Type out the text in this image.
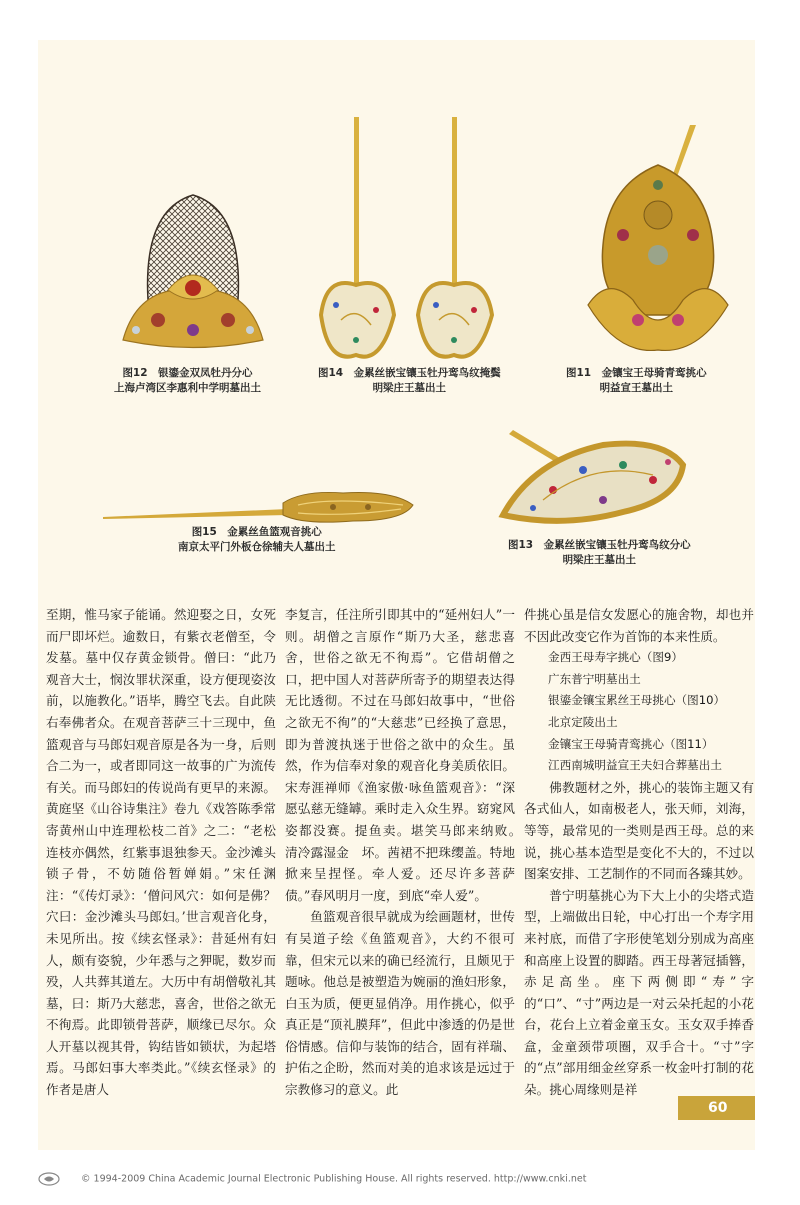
图12　银鎏金双凤牡丹分心
上海卢湾区李惠利中学明墓出土
图14　金累丝嵌宝镶玉牡丹鸾鸟纹掩鬓
明梁庄王墓出土
图11　金镶宝王母骑青鸾挑心
明益宣王墓出土
图15　金累丝鱼篮观音挑心
南京太平门外板仓徐辅夫人墓出土	图13　金累丝嵌宝镶玉牡丹鸾鸟纹分心
明梁庄王墓出土

至期，惟马家子能诵。然迎娶之日，女死而尸即坏烂。逾数日，有紫衣老僧至，令发墓。墓中仅存黄金锁骨。僧曰：“此乃观音大士，悯汝罪状深重，设方便现姿汝前，以施教化。”语毕，腾空飞去。自此陕右奉佛者众。在观音菩萨三十三现中，鱼篮观音与马郎妇观音原是各为一身，后则合二为一，或者即同这一故事的广为流传有关。而马郎妇的传说尚有更早的来源。黄庭坚《山谷诗集注》卷九《戏答陈季常寄黄州山中连理松枝二首》之二：“老松连枝亦偶然，红紫事退独参天。金沙滩头锁子骨，不妨随俗暂婵娟。”宋任渊注：“《传灯录》：‘僧问风穴：如何是佛？穴曰：金沙滩头马郎妇。’世言观音化身，未见所出。按《续玄怪录》：昔延州有妇人，颇有姿貌，少年悉与之狎昵，数岁而殁，人共葬其道左。大历中有胡僧敬礼其墓，曰：斯乃大慈悲，喜舍，世俗之欲无不徇焉。此即锁骨菩萨，顺缘已尽尔。众人开墓以视其骨，钩结皆如锁状，为起塔焉。马郎妇事大率类此。”《续玄怪录》的作者是唐人

李复言，任注所引即其中的“延州妇人”一则。胡僧之言原作“斯乃大圣，慈悲喜舍，世俗之欲无不徇焉”。它借胡僧之口，把中国人对菩萨所寄予的期望表达得无比透彻。不过在马郎妇故事中，“世俗之欲无不徇”的“大慈悲”已经换了意思，即为普渡执迷于世俗之欲中的众生。虽然，作为信奉对象的观音化身美质依旧。宋寿涯禅师《渔家傲·咏鱼篮观音》：“深愿弘慈无缝罅。乘时走入众生界。窈窕风姿都没赛。提鱼卖。堪笑马郎来纳败。　清冷露湿金　坏。茜裙不把珠缨盖。特地掀来呈捏怪。牵人爱。还尽许多菩萨债。”春风明月一度，到底“牵人爱”。

鱼篮观音很早就成为绘画题材，世传有吴道子绘《鱼篮观音》，大约不很可靠，但宋元以来的确已经流行，且颇见于题咏。他总是被塑造为婉丽的渔妇形象，白玉为质，便更显俏净。用作挑心，似乎真正是“顶礼膜拜”，但此中渗透的仍是世俗情感。信仰与装饰的结合，固有祥瑞、护佑之企盼，然而对美的追求该是远过于宗教修习的意义。此

件挑心虽是信女发愿心的施舍物，却也并不因此改变它作为首饰的本来性质。

金西王母寿字挑心（图9）
广东普宁明墓出土
银鎏金镶宝累丝王母挑心（图10）
北京定陵出土
金镶宝王母骑青鸾挑心（图11）
江西南城明益宣王夫妇合葬墓出土

佛教题材之外，挑心的装饰主题又有各式仙人，如南极老人，张天师，刘海，等等，最常见的一类则是西王母。总的来说，挑心基本造型是变化不大的，不过以图案安排、工艺制作的不同而各臻其妙。

普宁明墓挑心为下大上小的尖塔式造型，上端做出日轮，中心打出一个寿字用来衬底，而借了字形使笔划分别成为高座和高座上设置的脚踏。西王母著冠插簪，赤足高坐。座下两侧即“寿”字的“口”、“寸”两边是一对云朵托起的小花台，花台上立着金童玉女。玉女双手捧香盒，金童颈带项圈，双手合十。“寸”字的“点”部用细金丝穿系一枚金叶打制的花朵。挑心周缘则是祥

60
© 1994-2009 China Academic Journal Electronic Publishing House. All rights reserved. http://www.cnki.net
